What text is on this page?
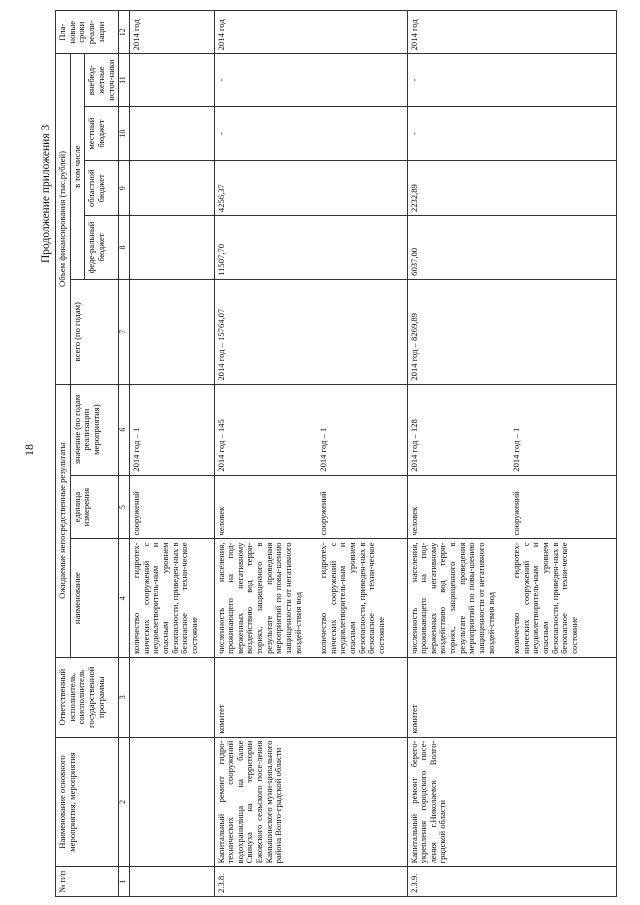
18
Продолжение приложения 3
№ п/п	Наименование основного мероприятия, мероприятия	Ответственный исполнитель, соисполнитель государственной программы	Ожидаемые непосредственные результаты			Объем финансирования (тыс.рублей)					Пла-новые сроки реали-зации
			наименование	единица измерения	значение (по годам реализации мероприятия)	всего (по годам)	в том числе				
							феде-ральный бюджет	областной бюджет	местный бюджет	внебюд-жетные источ-ники	
1	2	3	4	5	6	7	8	9	10	11	12
			количество гидротех-нических сооружений с неудовлетворитель-ным и опасным уровнем безопасности, приведен-ных в безопасное техни-ческое состояние	сооружений	2014 год – 1						2014 год

2.3.8.	Капитальный ремонт гидро-технических сооружений водохранилища на балке Свинуха на территории Ежовского сельского посе-ления Камышинского муни-ципального района Волго-градской области	комитет	численность населения, проживающего на под-верженных негативному воздействию вод терри-ториях, защищенного в результате проведения мероприятий по повы-шению защищенности от негативного воздей-ствия вод	человек	2014 год – 145	2014 год – 15764,07	11507,70	4256,37	-	-	2014 год

			количество гидротех-нических сооружений с неудовлетворитель-ным и опасным уровнем безопасности, приведен-ных в безопасное техни-ческое состояние	сооружений	2014 год – 1						

2.3.9.	Капитальный ремонт берего-укрепления городского посе-ления г.Николаевск Волго-градской области	комитет	численность населения, проживающего на под-верженных негативному воздействию вод терри-ториях, защищенного в результате проведения мероприятий по повы-шению защищенности от негативного воздей-ствия вод	человек	2014 год – 128	2014 год – 8269,89	6037,00	2232,89	-	-	2014 год

			количество гидротех-нических сооружений с неудовлетворитель-ным и опасным уровнем безопасности, приведен-ных в безопасное техни-ческое состояние	сооружений	2014 год – 1						
